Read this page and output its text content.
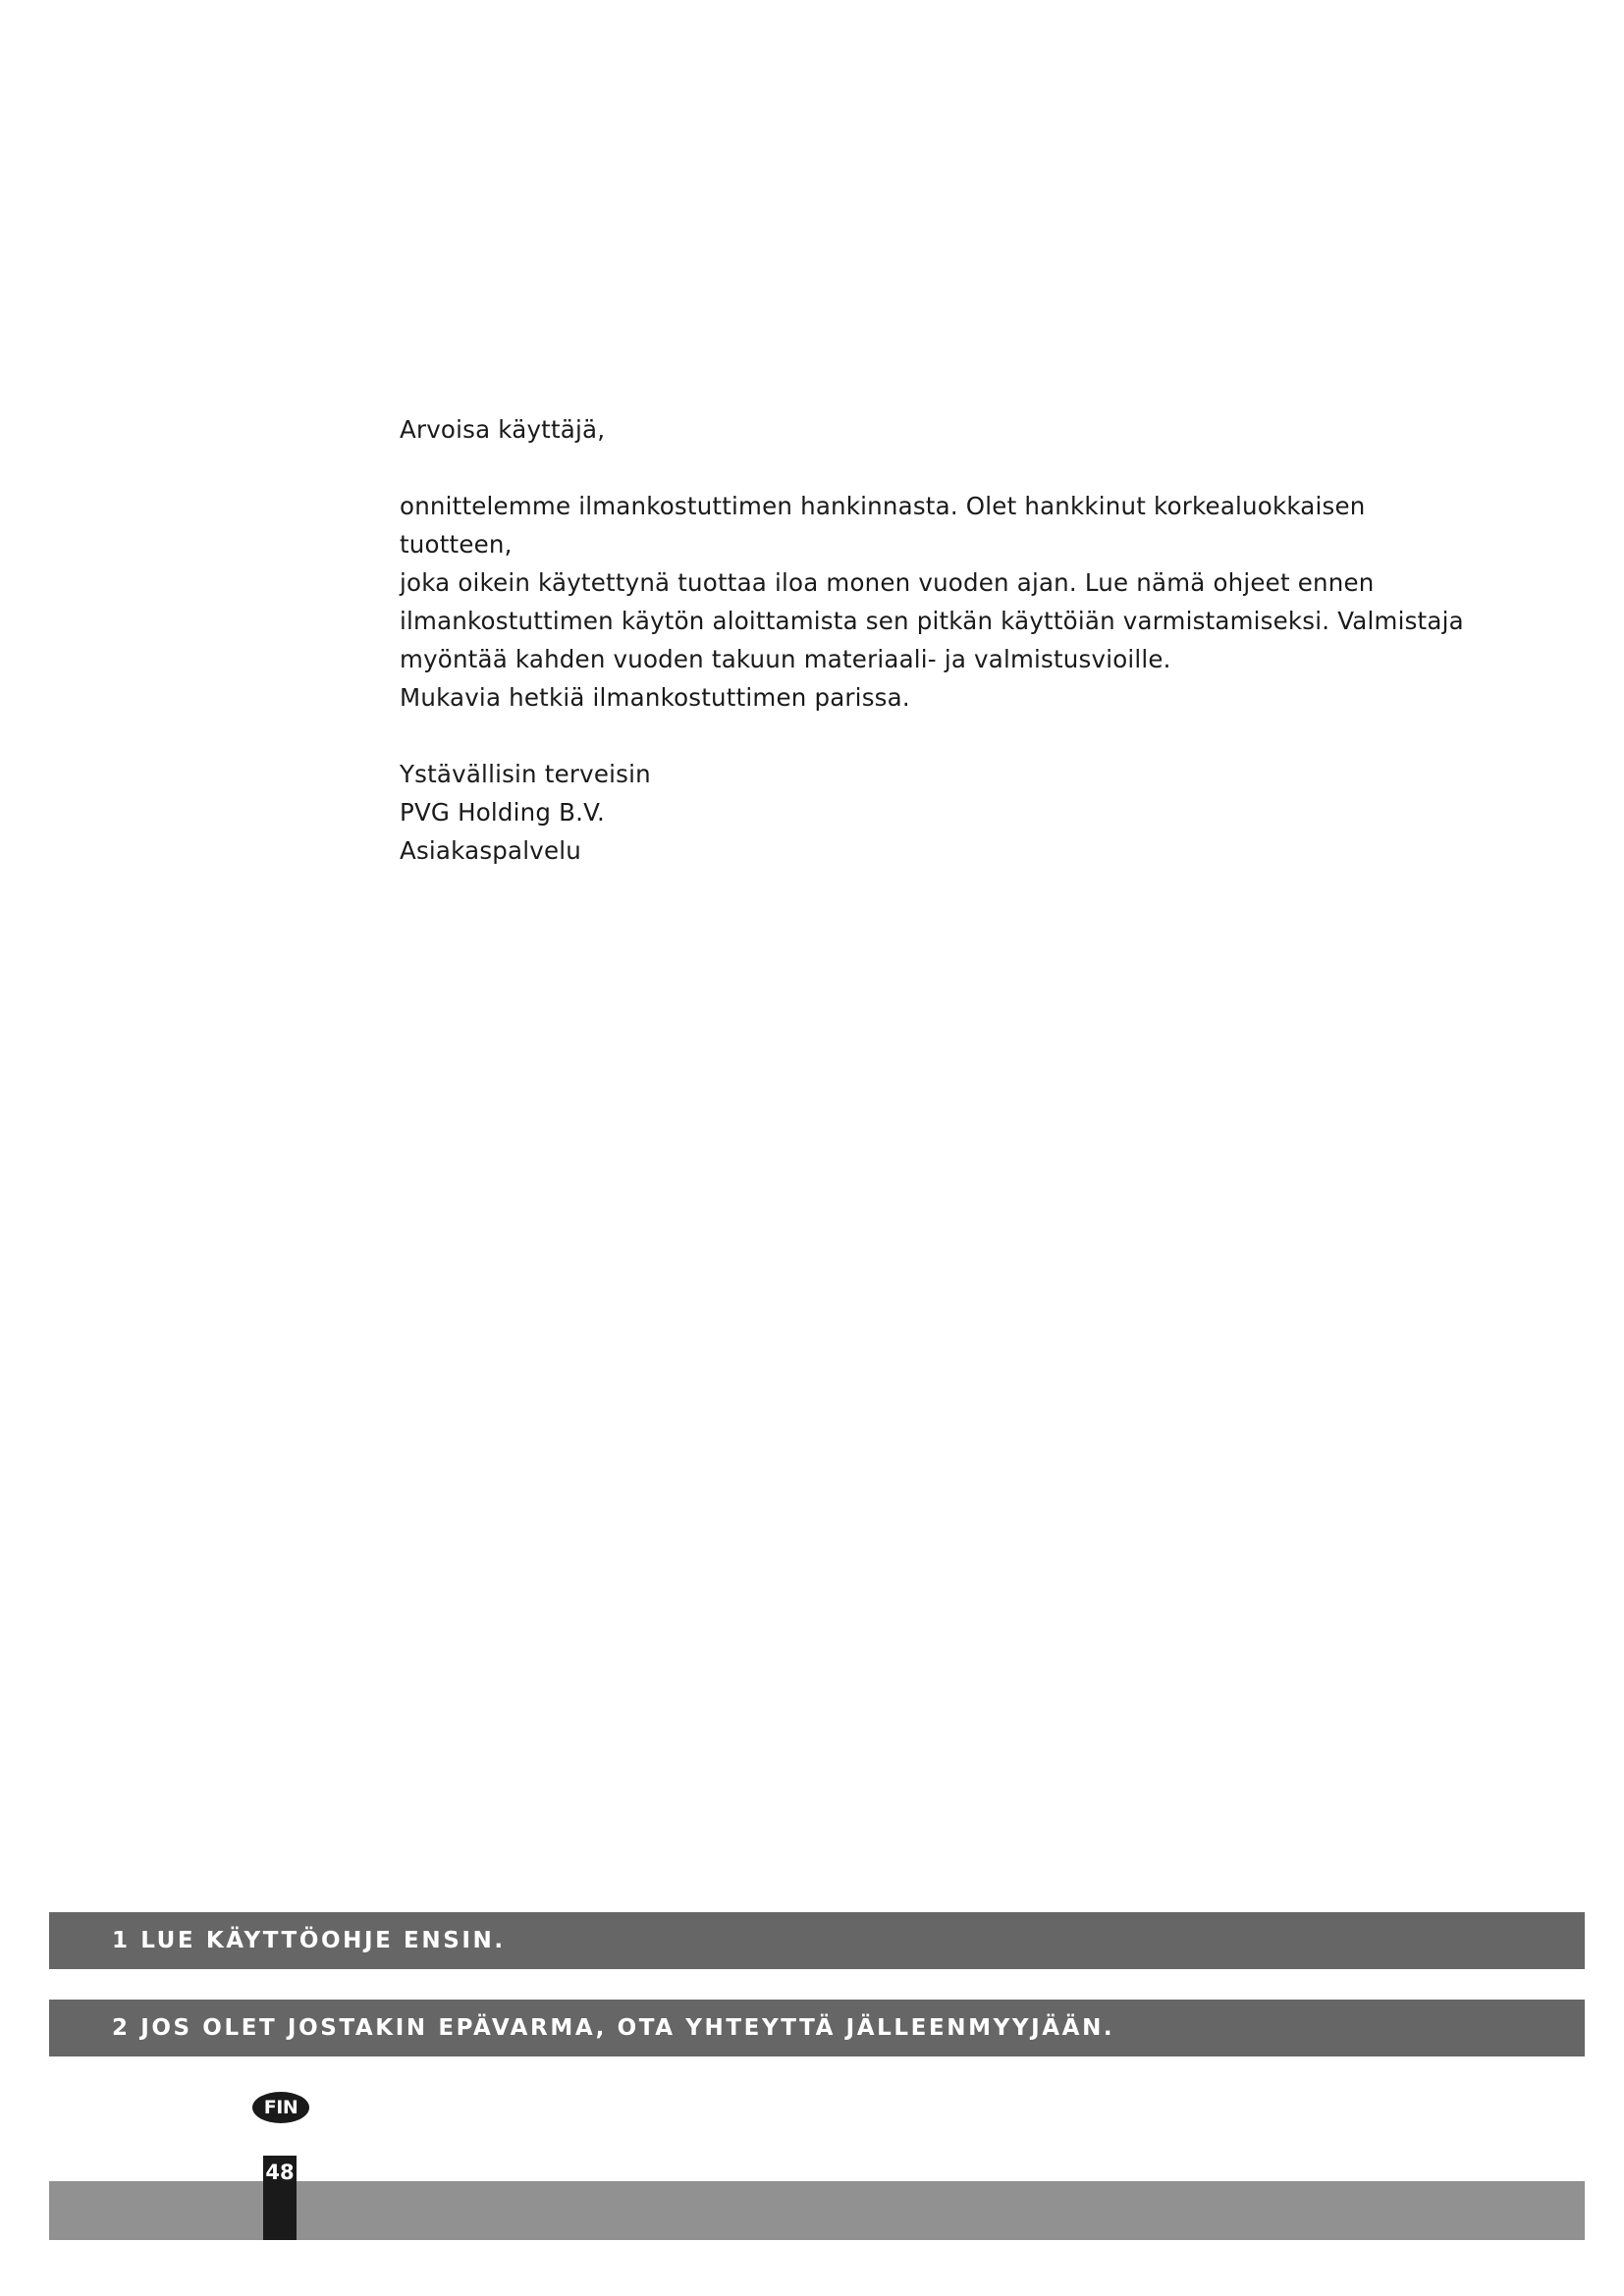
Arvoisa käyttäjä,

onnittelemme ilmankostuttimen hankinnasta. Olet hankkinut korkealuokkaisen tuotteen,
joka oikein käytettynä tuottaa iloa monen vuoden ajan. Lue nämä ohjeet ennen
ilmankostuttimen käytön aloittamista sen pitkän käyttöiän varmistamiseksi. Valmistaja
myöntää kahden vuoden takuun materiaali- ja valmistusvioille.
Mukavia hetkiä ilmankostuttimen parissa.

Ystävällisin terveisin

PVG Holding B.V.

Asiakaspalvelu

1 LUE KÄYTTÖOHJE ENSIN.
2 JOS OLET JOSTAKIN EPÄVARMA, OTA YHTEYTTÄ JÄLLEENMYYJÄÄN.
FIN
48
